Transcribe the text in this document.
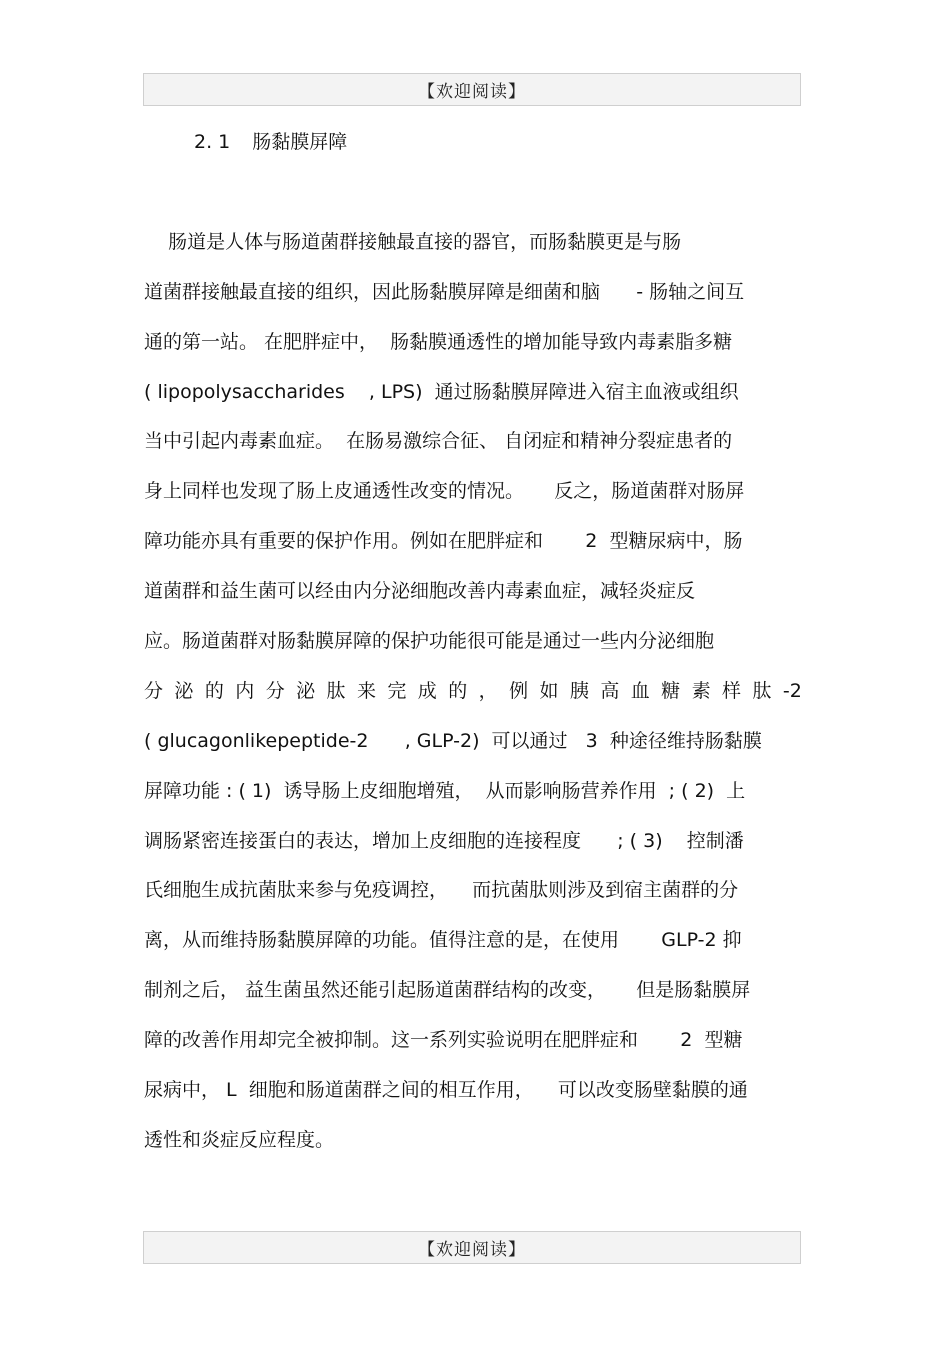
【欢迎阅读】
2. 1 肠黏膜屏障
肠道是人体与肠道菌群接触最直接的器官，而肠黏膜更是与肠
道菌群接触最直接的组织，因此肠黏膜屏障是细菌和脑      - 肠轴之间互
通的第一站。 在肥胖症中，  肠黏膜通透性的增加能导致内毒素脂多糖
( lipopolysaccharides    , LPS)  通过肠黏膜屏障进入宿主血液或组织
当中引起内毒素血症。  在肠易激综合征、 自闭症和精神分裂症患者的
身上同样也发现了肠上皮通透性改变的情况。     反之，肠道菌群对肠屏
障功能亦具有重要的保护作用。例如在肥胖症和       2  型糖尿病中，肠
道菌群和益生菌可以经由内分泌细胞改善内毒素血症，减轻炎症反
应。肠道菌群对肠黏膜屏障的保护功能很可能是通过一些内分泌细胞
分 泌 的 内 分 泌 肽 来 完 成 的 ， 例 如 胰 高 血 糖 素 样 肽 -2
( glucagonlikepeptide-2      , GLP-2)  可以通过   3  种途径维持肠黏膜
屏障功能 : ( 1)  诱导肠上皮细胞增殖，  从而影响肠营养作用  ; ( 2)  上
调肠紧密连接蛋白的表达，增加上皮细胞的连接程度      ; ( 3)    控制潘
氏细胞生成抗菌肽来参与免疫调控，    而抗菌肽则涉及到宿主菌群的分
离，从而维持肠黏膜屏障的功能。值得注意的是，在使用       GLP-2 抑
制剂之后， 益生菌虽然还能引起肠道菌群结构的改变，     但是肠黏膜屏
障的改善作用却完全被抑制。这一系列实验说明在肥胖症和       2  型糖
尿病中， L  细胞和肠道菌群之间的相互作用，    可以改变肠壁黏膜的通
透性和炎症反应程度。
【欢迎阅读】
